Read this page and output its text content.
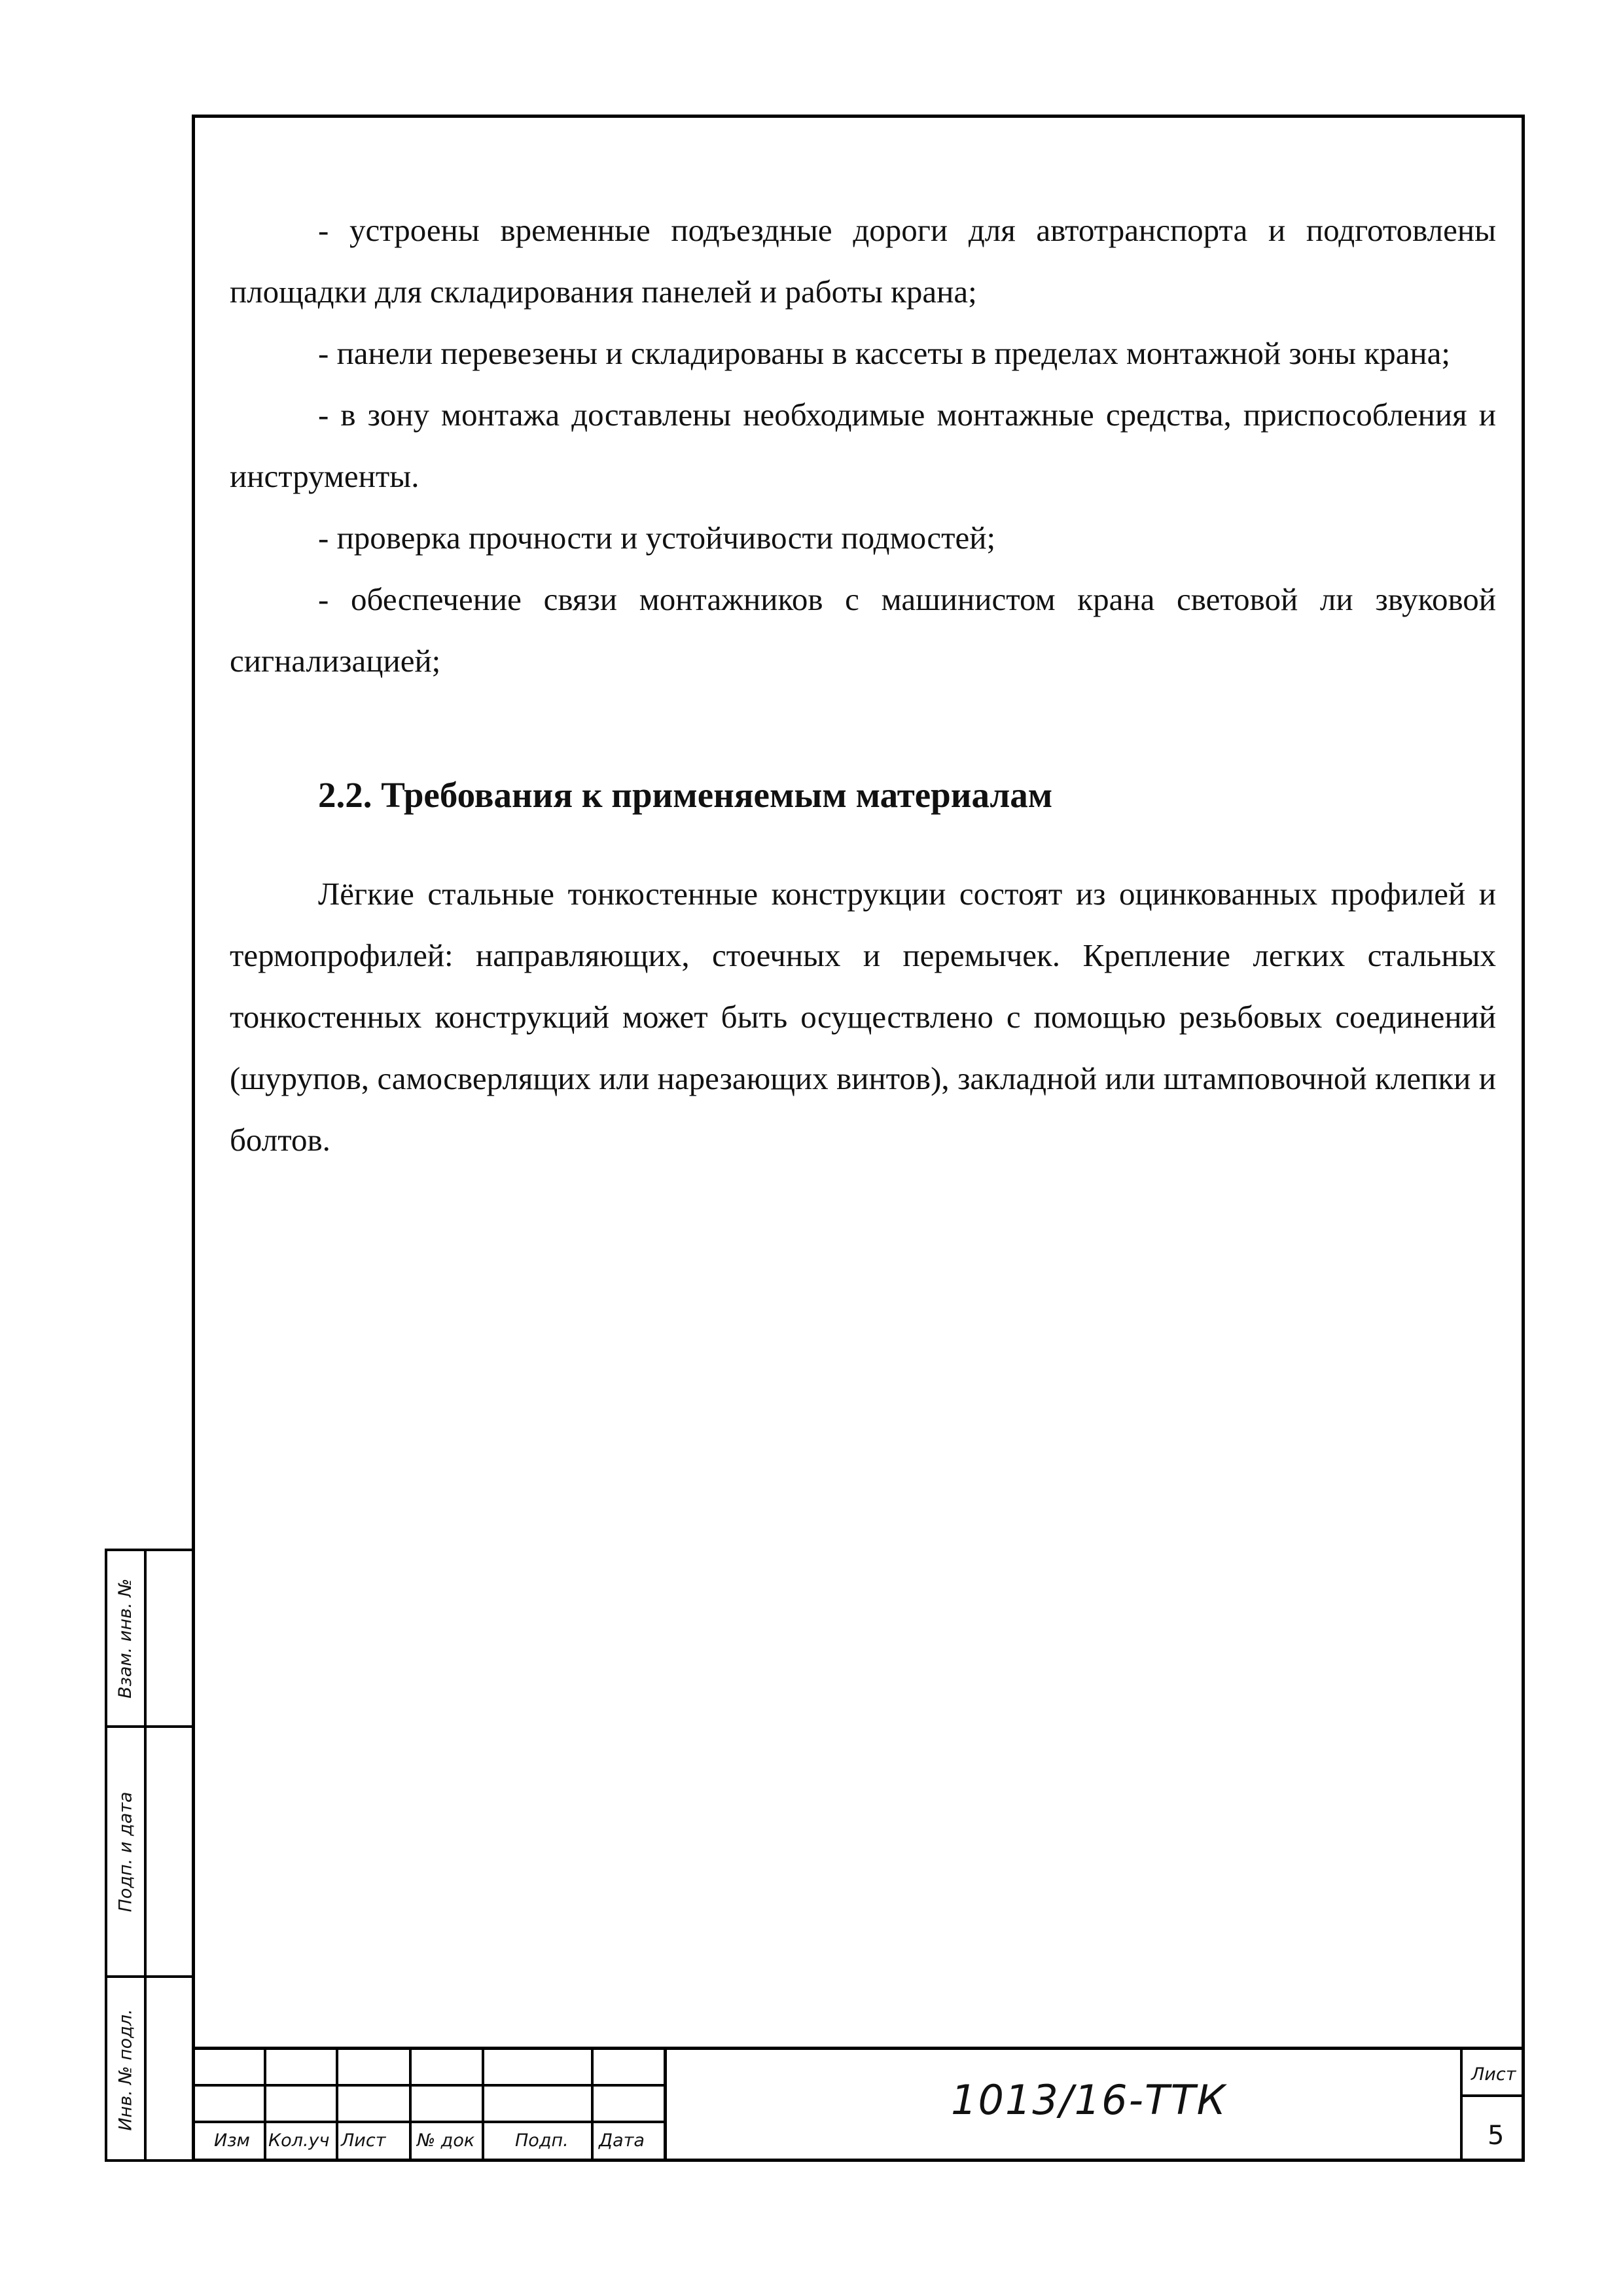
- устроены временные подъездные дороги для автотранспорта и подготовлены площадки для складирования панелей и работы крана;

- панели перевезены и складированы в кассеты в пределах монтажной зоны крана;

- в зону монтажа доставлены необходимые монтажные средства, приспособления и инструменты.

- проверка прочности и устойчивости подмостей;

- обеспечение связи монтажников с машинистом крана световой ли звуковой сигнализацией;

2.2. Требования к применяемым материалам

Лёгкие стальные тонкостенные конструкции состоят из оцинкованных профилей и термопрофилей: направляющих, стоечных и перемычек. Крепление легких стальных тонкостенных конструкций может быть осуществлено с помощью резьбовых соединений (шурупов, самосверлящих или нарезающих винтов), закладной или штамповочной клепки и болтов.

Взам. инв. №
Подп. и дата
Инв. № подл.
Изм Кол.уч Лист № док Подп. Дата
1013/16-ТТК
Лист
5
